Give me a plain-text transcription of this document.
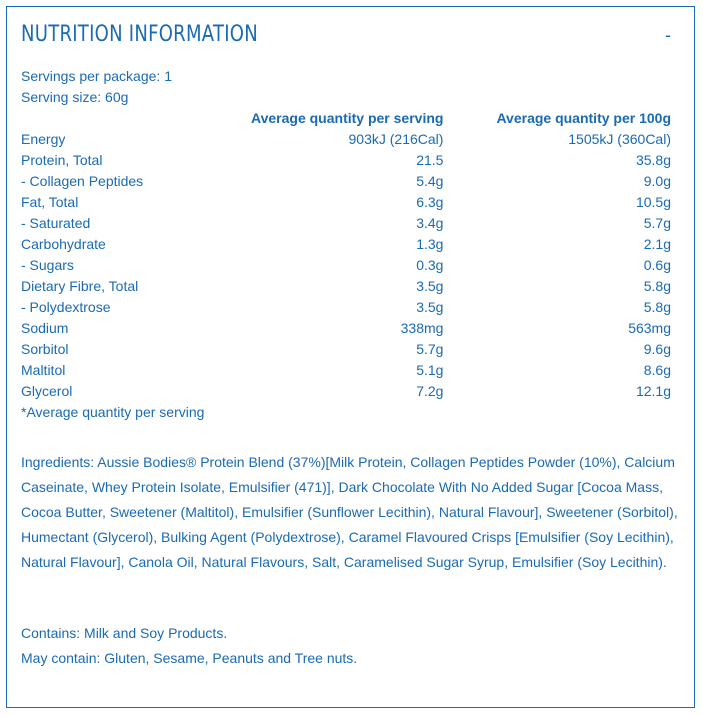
NUTRITION INFORMATION	-
Servings per package: 1
Serving size: 60g
	Average quantity per serving	Average quantity per 100g
Energy	903kJ (216Cal)	1505kJ (360Cal)
Protein, Total	21.5	35.8g
- Collagen Peptides	5.4g	9.0g
Fat, Total	6.3g	10.5g
- Saturated	3.4g	5.7g
Carbohydrate	1.3g	2.1g
- Sugars	0.3g	0.6g
Dietary Fibre, Total	3.5g	5.8g
- Polydextrose	3.5g	5.8g
Sodium	338mg	563mg
Sorbitol	5.7g	9.6g
Maltitol	5.1g	8.6g
Glycerol	7.2g	12.1g
*Average quantity per serving
Ingredients: Aussie Bodies® Protein Blend (37%)[Milk Protein, Collagen Peptides Powder (10%), Calcium Caseinate, Whey Protein Isolate, Emulsifier (471)], Dark Chocolate With No Added Sugar [Cocoa Mass, Cocoa Butter, Sweetener (Maltitol), Emulsifier (Sunflower Lecithin), Natural Flavour], Sweetener (Sorbitol), Humectant (Glycerol), Bulking Agent (Polydextrose), Caramel Flavoured Crisps [Emulsifier (Soy Lecithin), Natural Flavour], Canola Oil, Natural Flavours, Salt, Caramelised Sugar Syrup, Emulsifier (Soy Lecithin).
Contains: Milk and Soy Products.
May contain: Gluten, Sesame, Peanuts and Tree nuts.
